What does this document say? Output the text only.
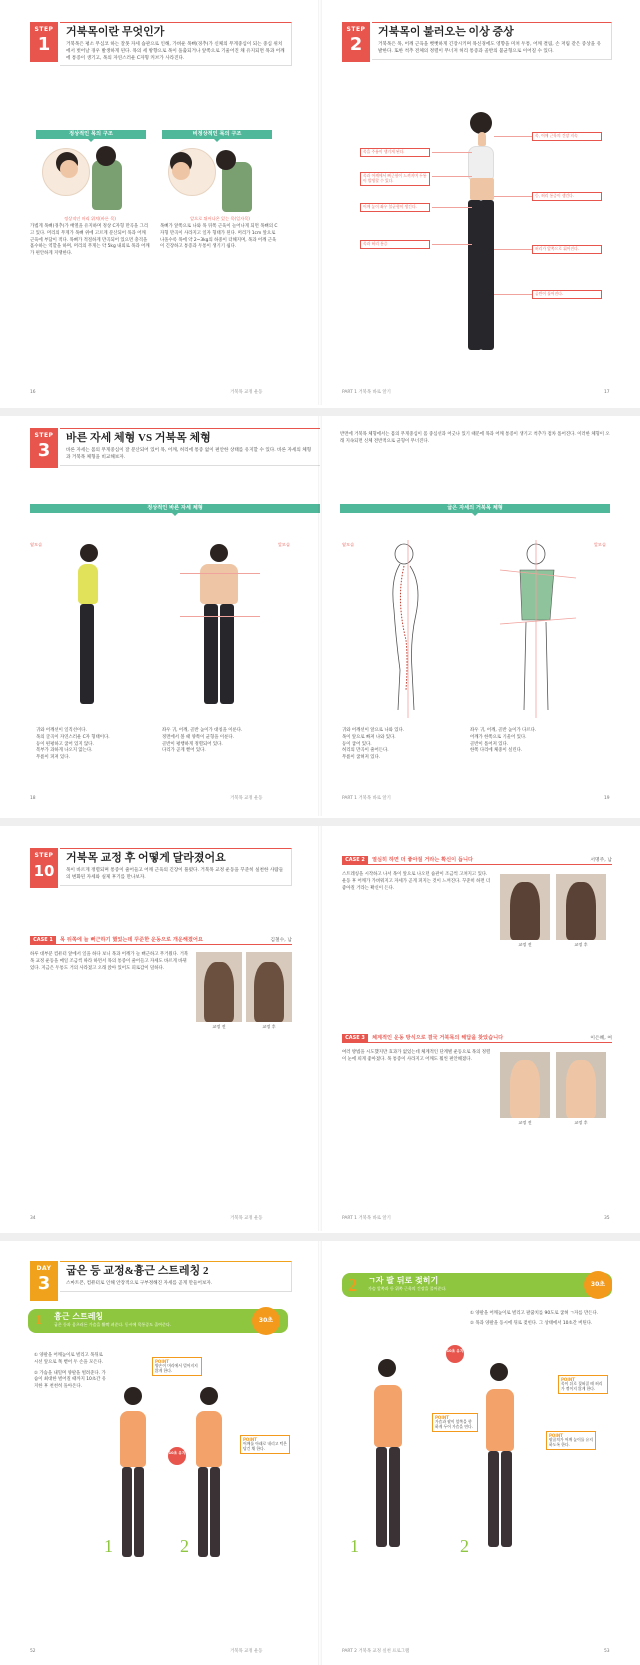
STEP
1
거북목이란 무엇인가
거북목은 평소 무심코 하는 잘못 자세 습관으로 인해, 가벼운 목뼈(경추)가 신체의 무게중심이 되는 중심 위치에서 벗어날 경우 발생하게 된다. 목의 세 방향으로 목이 돌출되거나 앞쪽으로 기울어진 채 유지되면 목과 어깨에 통증이 생기고, 목의 자연스러운 C자형 커브가 사라진다.
정상적인 목의 구조	비정상적인 목의 구조
정상적인 머리 위치(바른 목)	앞으로 튀어나온 있는 목(일자목)
가볍게 목뼈(경추)가 배열을 유지하며 정상 C자형 만곡을 그리고 있다. 머리의 무게가 목뼈 위에 고르게 분산되어 목과 어깨 근육에 부담이 적다. 목뼈가 적절하게 만곡되어 있으면 충격을 흡수하는 역할을 하며, 머리의 무게는 약 5kg 내외로 목과 어깨가 편안하게 지탱한다.
목뼈가 앞쪽으로 나와 목 뒤쪽 근육이 늘어나게 되면 목뼈의 C자형 만곡이 사라지고 일자 형태가 된다. 머리가 1cm 앞으로 나올수록 목에 약 2~3kg의 하중이 더해지며, 목과 어깨 근육이 긴장하고 통증과 두통이 생기기 쉽다.
16	거북목 교정 운동
STEP
2
거북목이 불러오는 이상 증상
거북목은 목, 어깨 근육을 뻣뻣하게 긴장시키며 목신경에도 영향을 미쳐 두통, 어깨 결림, 손 저림 같은 증상을 유발한다. 또한 척추 전체의 정렬이 무너져 허리 통증과 골반의 불균형으로 이어질 수 있다.
목을 주름이 생기게 된다.
목과 어깨에서 뻐근함이 느껴지며 두통이 발생할 수 있다.
어깨 높이 좌우 불균형이 생긴다.
목과 허리 통증
목, 어깨 근육의 긴장 지속
등, 허리 통증이 생긴다.
허리가 앞쪽으로 휘어진다.
골반이 틀어진다.
PART 1 거북목 바로 알기	17
STEP
3
바른 자세 체형 VS 거북목 체형
바른 자세는 몸의 무게중심이 잘 분산되어 있어 목, 어깨, 허리에 통증 없이 편안한 상태를 유지할 수 있다. 바른 자세의 체형과 거북목 체형을 비교해보자.
정상적인 바른 자세 체형
옆모습	앞모습
귀와 어깨선이 일직선이다.
목의 굴곡이 자연스러운 C자 형태이다.
등이 편평하고 굽어 있지 않다.
복부가 과하게 나오지 않는다.
무릎이 펴져 있다.
좌우 귀, 어깨, 골반 높이가 대칭을 이룬다.
정면에서 볼 때 양쪽이 균형을 이룬다.
골반이 평행하게 정렬되어 있다.
다리가 곧게 뻗어 있다.
18	거북목 교정 운동
반면에 거북목 체형에서는 몸의 무게중심이 몸 중심선과 어긋나 있기 때문에 목과 어깨 통증이 생기고 척추가 점차 틀어진다. 이러한 체형이 오래 지속되면 신체 전반적으로 균형이 무너진다.
굽은 자세의 거북목 체형
옆모습	앞모습
귀와 어깨선이 앞으로 나와 있다.
목이 앞으로 빠져 나와 있다.
등이 굽어 있다.
허리의 만곡이 줄어든다.
무릎이 굽혀져 있다.
좌우 귀, 어깨, 골반 높이가 다르다.
어깨가 한쪽으로 기울어 있다.
골반이 틀어져 있다.
한쪽 다리에 체중이 실린다.
PART 1 거북목 바로 알기	19
STEP
10
거북목 교정 후 어떻게 달라졌어요
목이 바르게 정렬되며 통증이 줄어들고 어깨 근육의 긴장이 풀렸다. 거북목 교정 운동을 꾸준히 실천한 사람들의 변화된 자세와 실제 후기를 만나보자.
CASE 1	목 뒤쪽에 늘 뻐근하기 했었는데 꾸준한 운동으로 개운해졌어요	김철수, 남
하루 대부분 컴퓨터 앞에서 일을 하다 보니 목과 어깨가 늘 뻐근하고 무거웠다. 거북목 교정 운동을 매일 조금씩 따라 하면서 목의 통증이 줄어들고 자세도 바르게 바뀌었다. 지금은 두통도 거의 사라졌고 오래 앉아 있어도 피로감이 덜하다.
교정 전	교정 후
34	거북목 교정 운동
CASE 2	열심히 하면 더 좋아질 거라는 확신이 듭니다	서명주, 남
스트레칭을 시작하고 나서 목이 앞으로 나오던 습관이 조금씩 고쳐지고 있다. 운동 후 어깨가 가벼워지고 자세가 곧게 펴지는 것이 느껴진다. 꾸준히 하면 더 좋아질 거라는 확신이 든다.
교정 전	교정 후
CASE 3	체계적인 운동 방식으로 결국 거북목의 해답을 찾았습니다	이은혜, 여
여러 방법을 시도했지만 효과가 없었는데 체계적인 단계별 운동으로 목의 정렬이 눈에 띄게 좋아졌다. 목 통증이 사라지고 어깨도 훨씬 편안해졌다.
교정 전	교정 후
PART 1 거북목 바로 알기	35
DAY
3
굽은 등 교정&흉근 스트레칭 2
스마트폰, 컴퓨터로 인해 안장적으로 구부정해진 자세를 곧게 만들어보자.
1	흉근 스트레칭
굽은 등과 움츠러든 가슴을 활짝 펴준다. 동시에 목통증도 줄여준다.
30초
① 양팔을 어깨높이로 벌리고 목뒤로 시선 앞으로 쭉 뻗어 두 손을 모은다.
② 가슴을 내밀며 양팔을 벌려준다. 가슴이 최대한 벌어질 때까지 10초간 유지한 후 천천히 돌아온다.
POINT
양손이 머리에서 멀어지지 않게 한다.
POINT
어깨를 아래로 내리고 턱은 당긴 채 한다.
10초 유지
1	2
52	거북목 교정 운동
2 ㄱ자 팔 뒤로 젖히기
가슴 앞쪽과 등 위쪽 근육의 긴장을 풀어준다.
30초
① 양팔을 어깨높이로 벌리고 팔꿈치를 90도로 굽혀 ㄱ자를 만든다.
② 목과 양팔을 동시에 뒤로 젖힌다. 그 상태에서 10초간 버틴다.
POINT
가슴과 팔이 앞쪽을 향하게 두어 가슴을 연다.
POINT
목이 뒤로 젖혀질 때 허리가 꺾이지 않게 한다.
POINT
팔꿈치가 어깨 높이를 유지하도록 한다.
10초 유지
1	2
PART 2 거북목 교정 실천 프로그램	53
